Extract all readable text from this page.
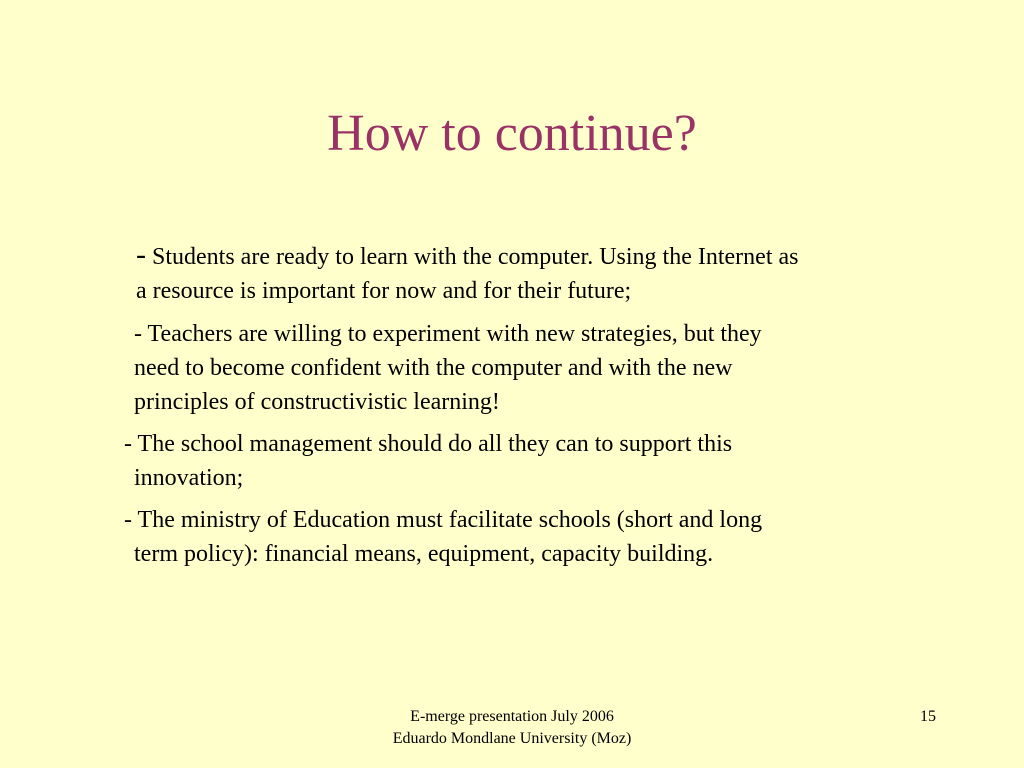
How to continue?

- Students are ready to learn with the computer. Using the Internet as
a resource is important for now and for their future;

- Teachers are willing to experiment with new strategies, but they
need to become confident with the computer and with the new
principles of constructivistic learning!

- The school management should do all they can to support this
innovation;

- The ministry of Education must facilitate schools (short and long
term policy): financial means, equipment, capacity building.

E-merge presentation July 2006
Eduardo Mondlane University (Moz)
15
